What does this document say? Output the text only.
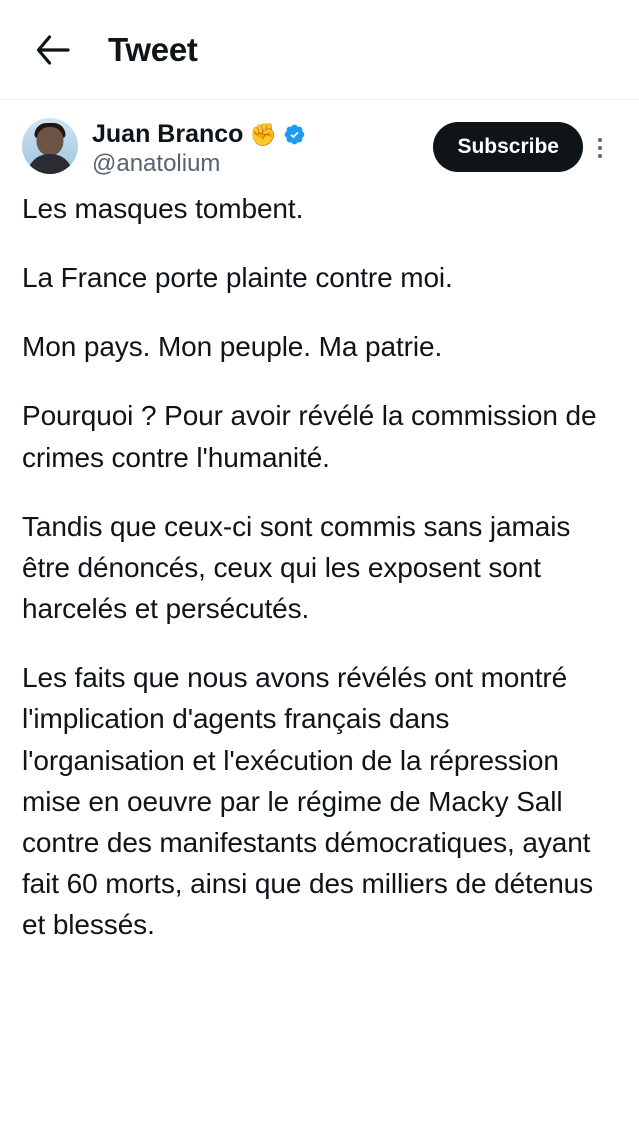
Tweet
Juan Branco ✊
@anatolium
Subscribe

Les masques tombent.

La France porte plainte contre moi.

Mon pays. Mon peuple. Ma patrie.

Pourquoi ? Pour avoir révélé la commission de crimes contre l'humanité.

Tandis que ceux-ci sont commis sans jamais être dénoncés, ceux qui les exposent sont harcelés et persécutés.

Les faits que nous avons révélés ont montré l'implication d'agents français dans l'organisation et l'exécution de la répression mise en oeuvre par le régime de Macky Sall contre des manifestants démocratiques, ayant fait 60 morts, ainsi que des milliers de détenus et blessés.
